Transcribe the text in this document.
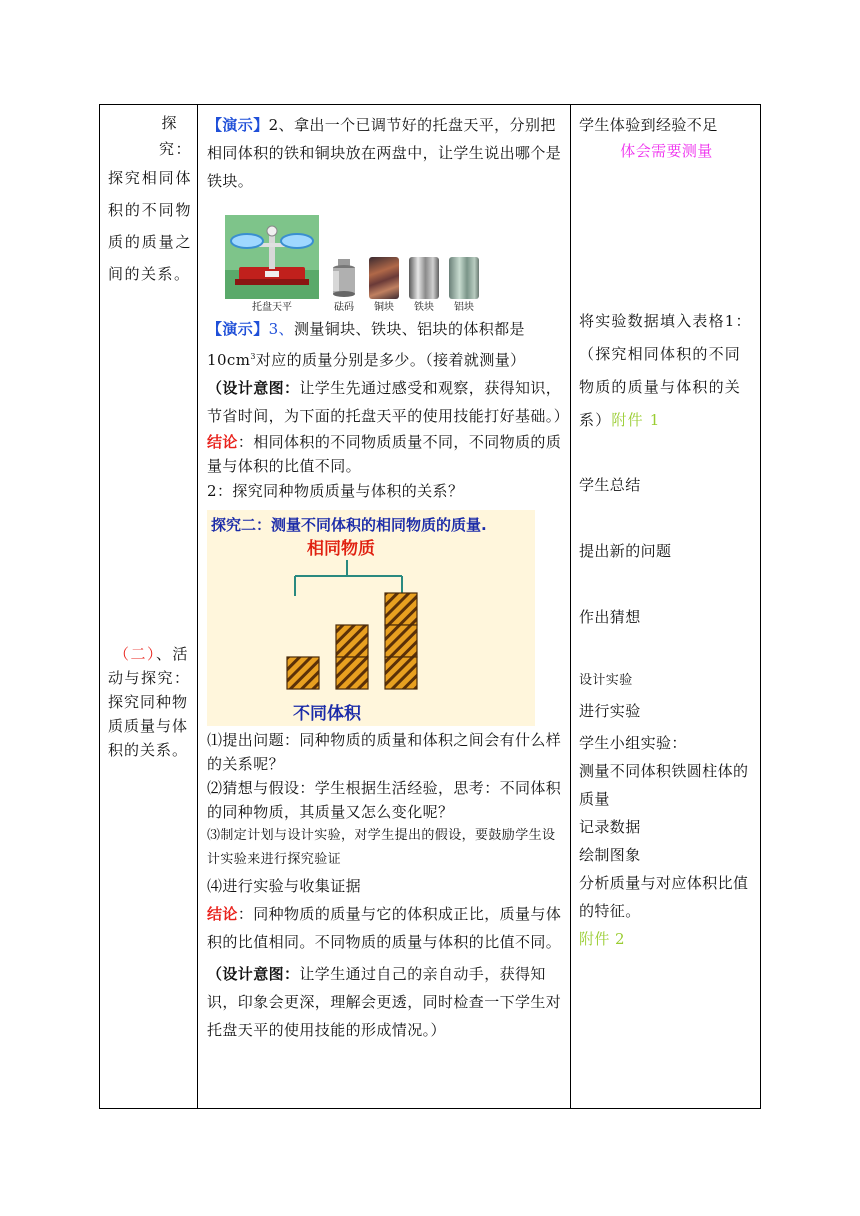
探

究：

探究相同体积的不同物质的质量之间的关系。

（二）、活动与探究：

探究同种物质质量与体积的关系。

【演示】2、拿出一个已调节好的托盘天平，分别把相同体积的铁和铜块放在两盘中，让学生说出哪个是铁块。

托盘天平	砝码 铜块 铁块 铝块

【演示】3、测量铜块、铁块、铝块的体积都是$10cm^3$对应的质量分别是多少。（接着就测量）

（设计意图：让学生先通过感受和观察，获得知识，节省时间，为下面的托盘天平的使用技能打好基础。）

结论：相同体积的不同物质质量不同，不同物质的质量与体积的比值不同。

2：探究同种物质质量与体积的关系？

探究二：测量不同体积的相同物质的质量.
相同物质
不同体积

⑴提出问题：同种物质的质量和体积之间会有什么样的关系呢？

⑵猜想与假设：学生根据生活经验，思考：不同体积的同种物质，其质量又怎么变化呢？

⑶制定计划与设计实验，对学生提出的假设，要鼓励学生设计实验来进行探究验证

⑷进行实验与收集证据

结论：同种物质的质量与它的体积成正比，质量与体积的比值相同。不同物质的质量与体积的比值不同。

（设计意图：让学生通过自己的亲自动手，获得知识，印象会更深，理解会更透，同时检查一下学生对托盘天平的使用技能的形成情况。）

学生体验到经验不足

体会需要测量

将实验数据填入表格1：（探究相同体积的不同物质的质量与体积的关系）附件 1

学生总结

提出新的问题

作出猜想

设计实验

进行实验

学生小组实验：

测量不同体积铁圆柱体的质量

记录数据

绘制图象

分析质量与对应体积比值的特征。

附件 2
